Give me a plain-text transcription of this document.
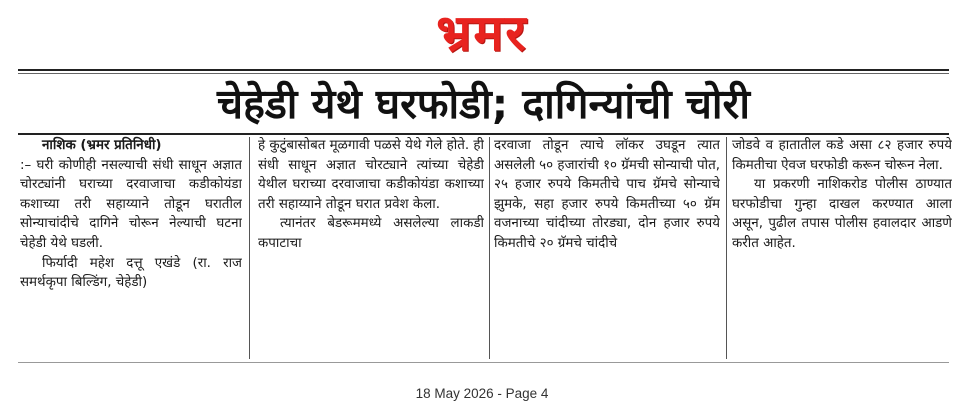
भ्रमर
चेहेडी येथे घरफोडी; दागिन्यांची चोरी

नाशिक (भ्रमर प्रतिनिधी)

:– घरी कोणीही नसल्याची संधी साधून अज्ञात चोरट्यांनी घराच्या दरवाजाचा कडीकोयंडा कशाच्या तरी सहाय्याने तोडून घरातील सोन्याचांदीचे दागिने चोरून नेल्याची घटना चेहेडी येथे घडली.

फिर्यादी महेश दत्तू एखंडे (रा. राज समर्थकृपा बिल्डिंग, चेहेडी)

हे कुटुंबासोबत मूळगावी पळसे येथे गेले होते. ही संधी साधून अज्ञात चोरट्याने त्यांच्या चेहेडी येथील घराच्या दरवाजाचा कडीकोयंडा कशाच्या तरी सहाय्याने तोडून घरात प्रवेश केला.

त्यानंतर बेडरूममध्ये असलेल्या लाकडी कपाटाचा

दरवाजा तोडून त्याचे लॉकर उघडून त्यात असलेली ५० हजारांची १० ग्रॅमची सोन्याची पोत, २५ हजार रुपये किमतीचे पाच ग्रॅमचे सोन्याचे झुमके, सहा हजार रुपये किमतीच्या ५० ग्रॅम वजनाच्या चांदीच्या तोरड्या, दोन हजार रुपये किमतीचे २० ग्रॅमचे चांदीचे

जोडवे व हातातील कडे असा ८२ हजार रुपये किमतीचा ऐवज घरफोडी करून चोरून नेला.

या प्रकरणी नाशिकरोड पोलीस ठाण्यात घरफोडीचा गुन्हा दाखल करण्यात आला असून, पुढील तपास पोलीस हवालदार आडणे करीत आहेत.

18 May 2026 - Page 4
